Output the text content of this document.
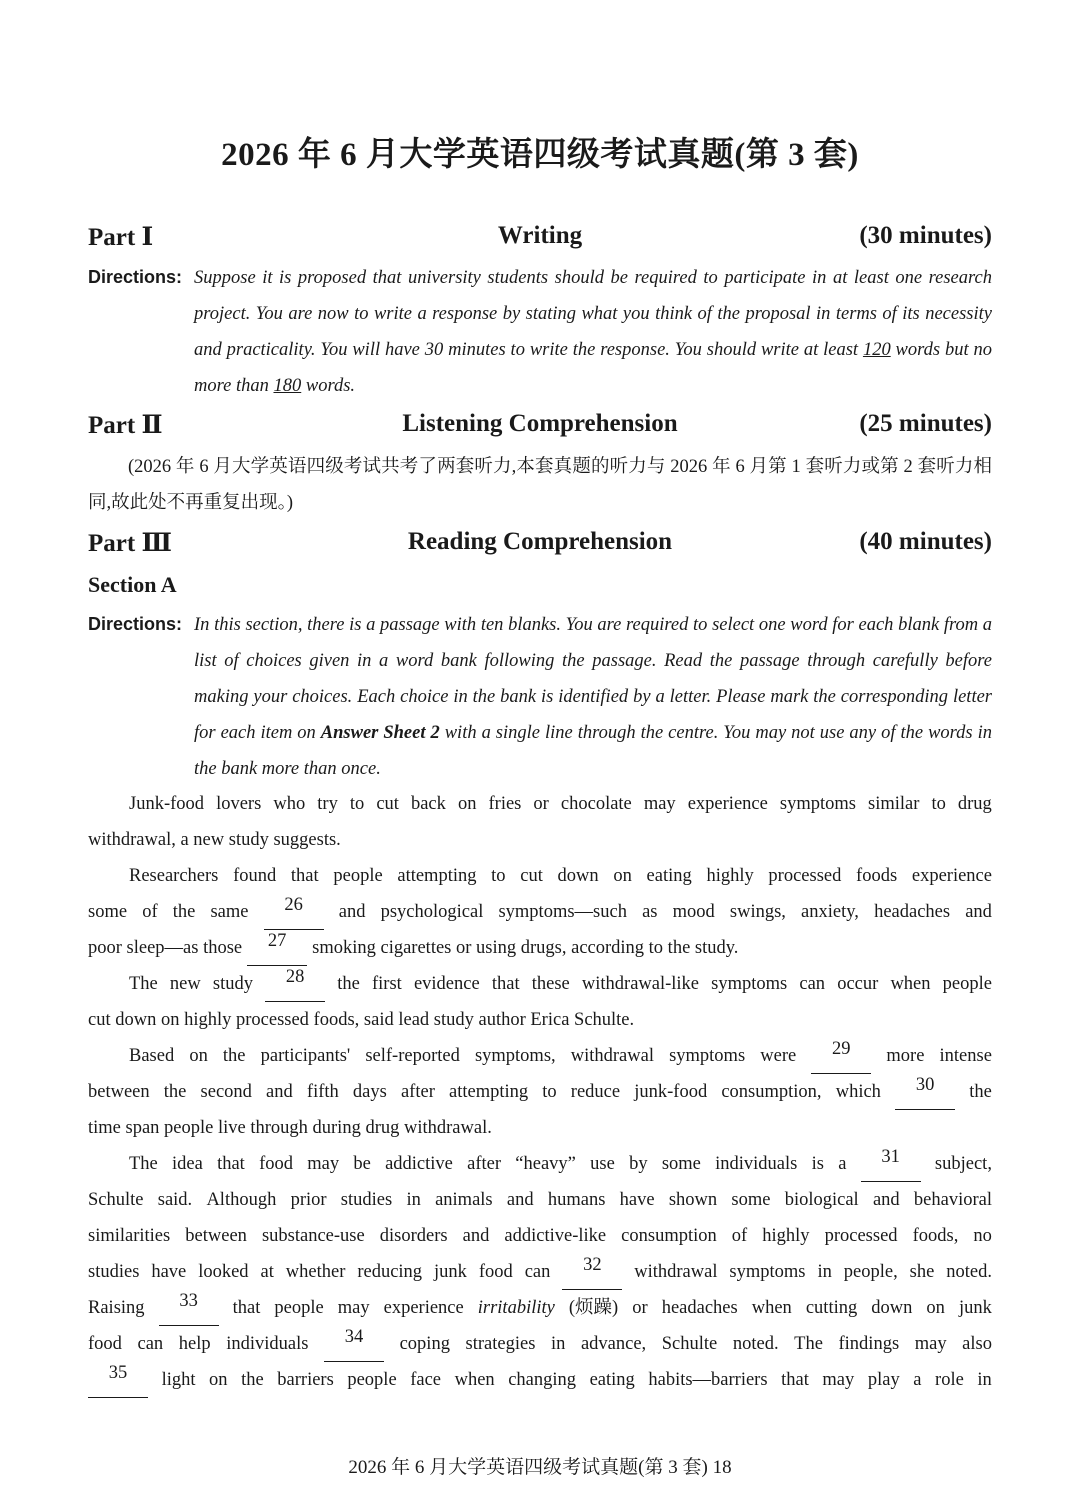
2026 年 6 月大学英语四级考试真题(第 3 套)
Part Ⅰ	Writing	(30 minutes)
Directions: Suppose it is proposed that university students should be required to participate in at least one research project. You are now to write a response by stating what you think of the proposal in terms of its necessity and practicality. You will have 30 minutes to write the response. You should write at least 120 words but no more than 180 words.
Part Ⅱ	Listening Comprehension	(25 minutes)
(2026 年 6 月大学英语四级考试共考了两套听力,本套真题的听力与 2026 年 6 月第 1 套听力或第 2 套听力相同,故此处不再重复出现。)
Part Ⅲ	Reading Comprehension	(40 minutes)
Section A
Directions: In this section, there is a passage with ten blanks. You are required to select one word for each blank from a list of choices given in a word bank following the passage. Read the passage through carefully before making your choices. Each choice in the bank is identified by a letter. Please mark the corresponding letter for each item on Answer Sheet 2 with a single line through the centre. You may not use any of the words in the bank more than once.
Junk-food lovers who try to cut back on fries or chocolate may experience symptoms similar to drug
withdrawal, a new study suggests.
Researchers found that people attempting to cut down on eating highly processed foods experience
some of the same	26	and psychological symptoms—such as mood swings, anxiety, headaches and
poor sleep—as those	27	smoking cigarettes or using drugs, according to the study.
The new study	28	the first evidence that these withdrawal-like symptoms can occur when people
cut down on highly processed foods, said lead study author Erica Schulte.
Based on the participants' self-reported symptoms, withdrawal symptoms were	29	more intense
between the second and fifth days after attempting to reduce junk-food consumption, which	30	the
time span people live through during drug withdrawal.
The idea that food may be addictive after “heavy” use by some individuals is a	31	subject,
Schulte said. Although prior studies in animals and humans have shown some biological and behavioral
similarities between substance-use disorders and addictive-like consumption of highly processed foods, no
studies have looked at whether reducing junk food can	32	withdrawal symptoms in people, she noted.
Raising	33	that people may experience irritability (烦躁) or headaches when cutting down on junk
food can help individuals	34	coping strategies in advance, Schulte noted. The findings may also
35	light on the barriers people face when changing eating habits—barriers that may play a role in
2026 年 6 月大学英语四级考试真题(第 3 套) 18
